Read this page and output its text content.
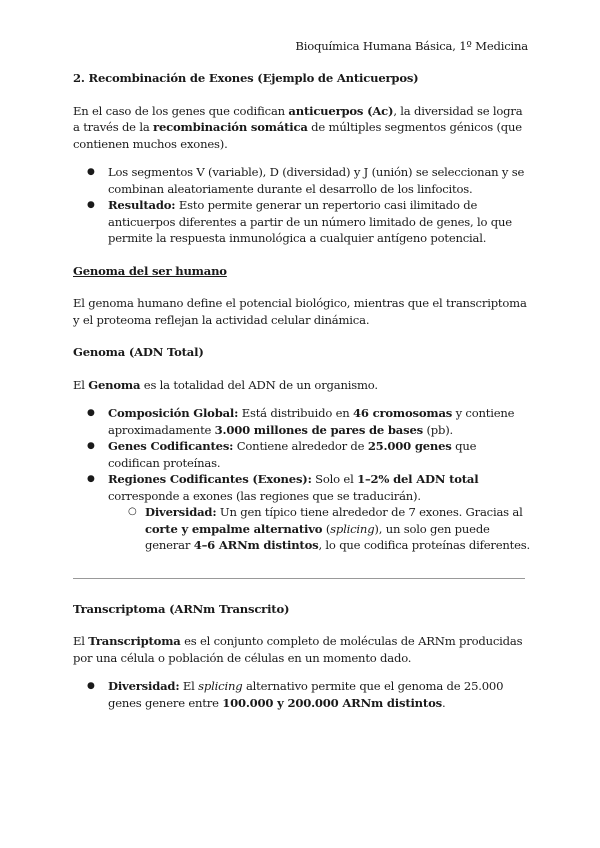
Bioquímica Humana Básica, 1º Medicina

2. Recombinación de Exones (Ejemplo de Anticuerpos)

En el caso de los genes que codifican anticuerpos (Ac), la diversidad se logra a través de la recombinación somática de múltiples segmentos génicos (que contienen muchos exones).

● Los segmentos V (variable), D (diversidad) y J (unión) se seleccionan y se combinan aleatoriamente durante el desarrollo de los linfocitos.
● Resultado: Esto permite generar un repertorio casi ilimitado de anticuerpos diferentes a partir de un número limitado de genes, lo que permite la respuesta inmunológica a cualquier antígeno potencial.

Genoma del ser humano

El genoma humano define el potencial biológico, mientras que el transcriptoma y el proteoma reflejan la actividad celular dinámica.

Genoma (ADN Total)

El Genoma es la totalidad del ADN de un organismo.

● Composición Global: Está distribuido en 46 cromosomas y contiene aproximadamente 3.000 millones de pares de bases (pb).
● Genes Codificantes: Contiene alrededor de 25.000 genes que codifican proteínas.
● Regiones Codificantes (Exones): Solo el 1–2% del ADN total corresponde a exones (las regiones que se traducirán).
○ Diversidad: Un gen típico tiene alrededor de 7 exones. Gracias al corte y empalme alternativo (splicing), un solo gen puede generar 4–6 ARNm distintos, lo que codifica proteínas diferentes.

Transcriptoma (ARNm Transcrito)

El Transcriptoma es el conjunto completo de moléculas de ARNm producidas por una célula o población de células en un momento dado.

● Diversidad: El splicing alternativo permite que el genoma de 25.000 genes genere entre 100.000 y 200.000 ARNm distintos.
